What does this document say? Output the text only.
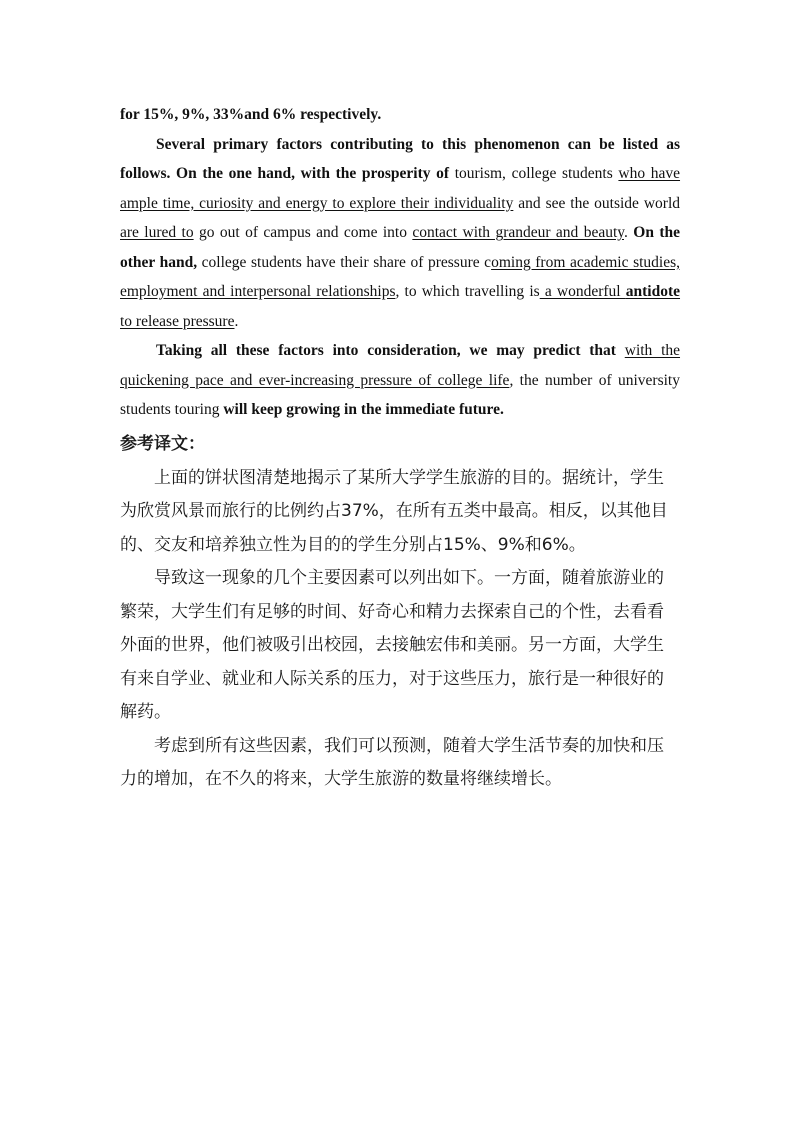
for 15%, 9%, 33%and 6% respectively.

Several primary factors contributing to this phenomenon can be listed as follows. On the one hand, with the prosperity of tourism, college students who have ample time, curiosity and energy to explore their individuality and see the outside world are lured to go out of campus and come into contact with grandeur and beauty. On the other hand, college students have their share of pressure coming from academic studies, employment and interpersonal relationships, to which travelling is a wonderful antidote to release pressure.

Taking all these factors into consideration, we may predict that with the quickening pace and ever-increasing pressure of college life, the number of university students touring will keep growing in the immediate future.

参考译文：

上面的饼状图清楚地揭示了某所大学学生旅游的目的。据统计，学生为欣赏风景而旅行的比例约占37%，在所有五类中最高。相反，以其他目的、交友和培养独立性为目的的学生分别占15%、9%和6%。

导致这一现象的几个主要因素可以列出如下。一方面，随着旅游业的繁荣，大学生们有足够的时间、好奇心和精力去探索自己的个性，去看看外面的世界，他们被吸引出校园，去接触宏伟和美丽。另一方面，大学生有来自学业、就业和人际关系的压力，对于这些压力，旅行是一种很好的解药。

考虑到所有这些因素，我们可以预测，随着大学生活节奏的加快和压力的增加，在不久的将来，大学生旅游的数量将继续增长。
